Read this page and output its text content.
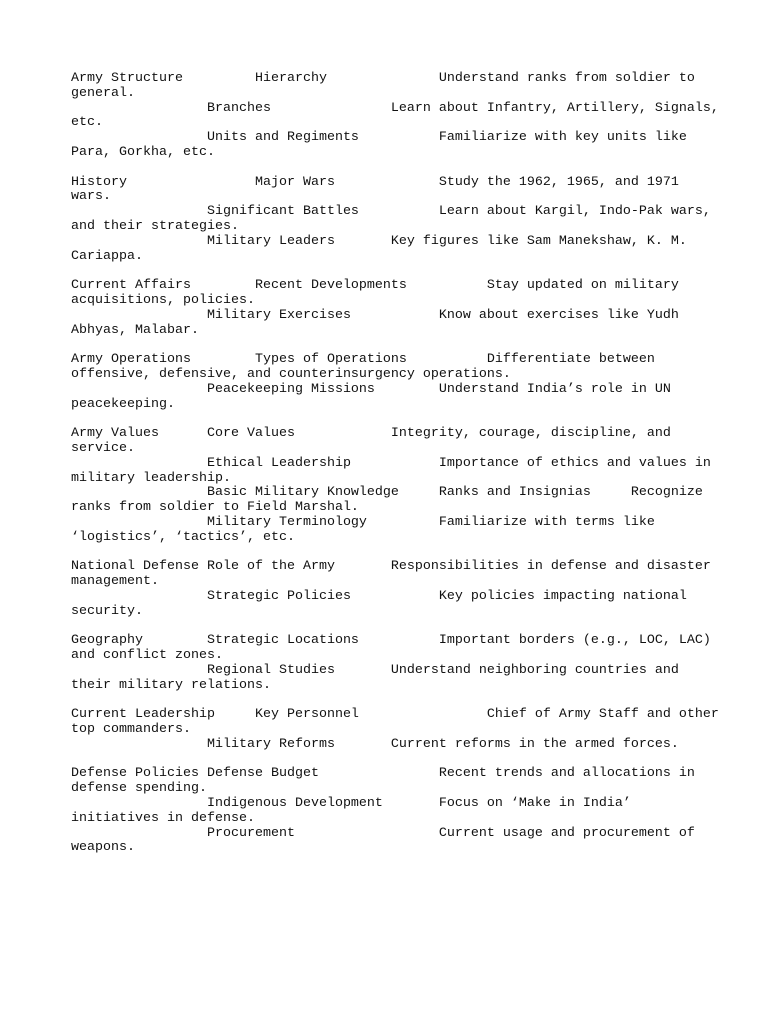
Army Structure         Hierarchy              Understand ranks from soldier to
general.
Branches               Learn about Infantry, Artillery, Signals,
etc.
Units and Regiments          Familiarize with key units like
Para, Gorkha, etc.

History                Major Wars             Study the 1962, 1965, and 1971
wars.
Significant Battles          Learn about Kargil, Indo-Pak wars,
and their strategies.
Military Leaders       Key figures like Sam Manekshaw, K. M.
Cariappa.

Current Affairs        Recent Developments          Stay updated on military
acquisitions, policies.
Military Exercises           Know about exercises like Yudh
Abhyas, Malabar.

Army Operations        Types of Operations          Differentiate between
offensive, defensive, and counterinsurgency operations.
Peacekeeping Missions        Understand India’s role in UN
peacekeeping.

Army Values      Core Values            Integrity, courage, discipline, and
service.
Ethical Leadership           Importance of ethics and values in
military leadership.
Basic Military Knowledge     Ranks and Insignias     Recognize
ranks from soldier to Field Marshal.
Military Terminology         Familiarize with terms like
‘logistics’, ‘tactics’, etc.

National Defense Role of the Army       Responsibilities in defense and disaster
management.
Strategic Policies           Key policies impacting national
security.

Geography        Strategic Locations          Important borders (e.g., LOC, LAC)
and conflict zones.
Regional Studies       Understand neighboring countries and
their military relations.

Current Leadership     Key Personnel                Chief of Army Staff and other
top commanders.
Military Reforms       Current reforms in the armed forces.

Defense Policies Defense Budget               Recent trends and allocations in
defense spending.
Indigenous Development       Focus on ‘Make in India’
initiatives in defense.
Procurement                  Current usage and procurement of
weapons.
